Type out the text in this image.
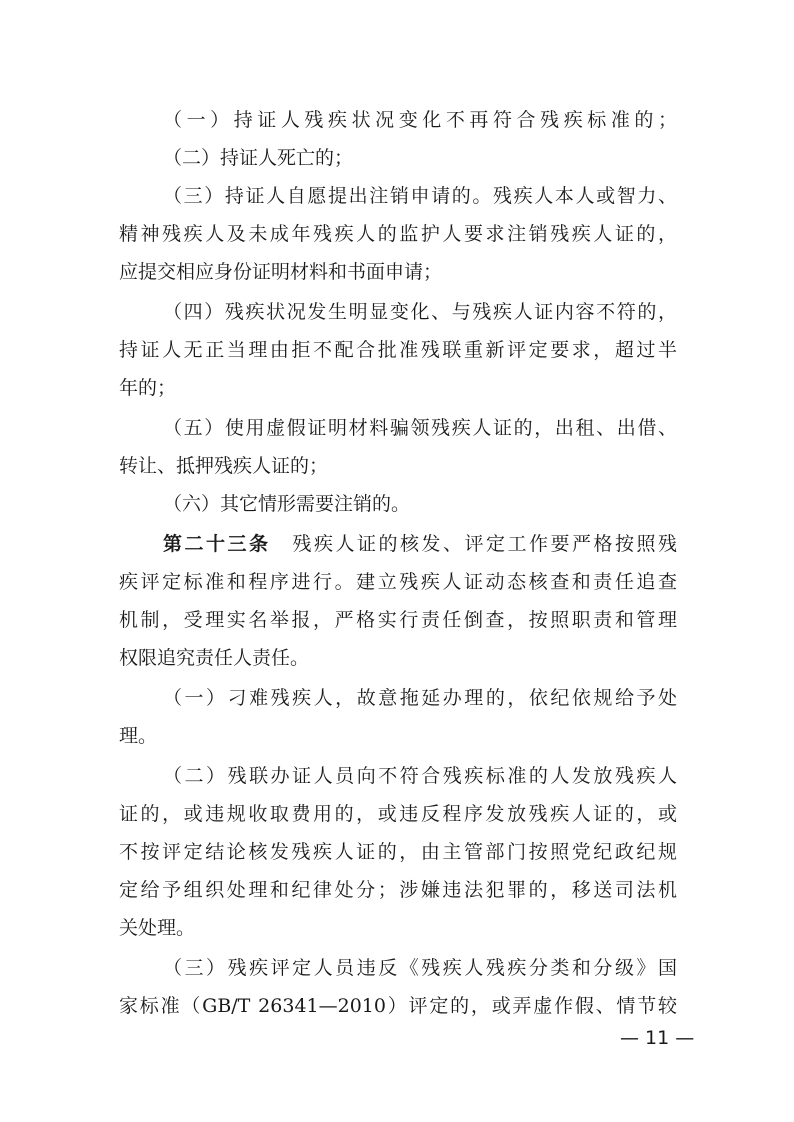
（一）持证人残疾状况变化不再符合残疾标准的；
（二）持证人死亡的；
（三）持证人自愿提出注销申请的。残疾人本人或智力、
精神残疾人及未成年残疾人的监护人要求注销残疾人证的，
应提交相应身份证明材料和书面申请；
（四）残疾状况发生明显变化、与残疾人证内容不符的，
持证人无正当理由拒不配合批准残联重新评定要求，超过半
年的；
（五）使用虚假证明材料骗领残疾人证的，出租、出借、
转让、抵押残疾人证的；
（六）其它情形需要注销的。
第二十三条 残疾人证的核发、评定工作要严格按照残
疾评定标准和程序进行。建立残疾人证动态核查和责任追查
机制，受理实名举报，严格实行责任倒查，按照职责和管理
权限追究责任人责任。
（一）刁难残疾人，故意拖延办理的，依纪依规给予处
理。
（二）残联办证人员向不符合残疾标准的人发放残疾人
证的，或违规收取费用的，或违反程序发放残疾人证的，或
不按评定结论核发残疾人证的，由主管部门按照党纪政纪规
定给予组织处理和纪律处分；涉嫌违法犯罪的，移送司法机
关处理。
（三）残疾评定人员违反《残疾人残疾分类和分级》国
家标准（GB/T 26341—2010）评定的，或弄虚作假、情节较
— 11 —
